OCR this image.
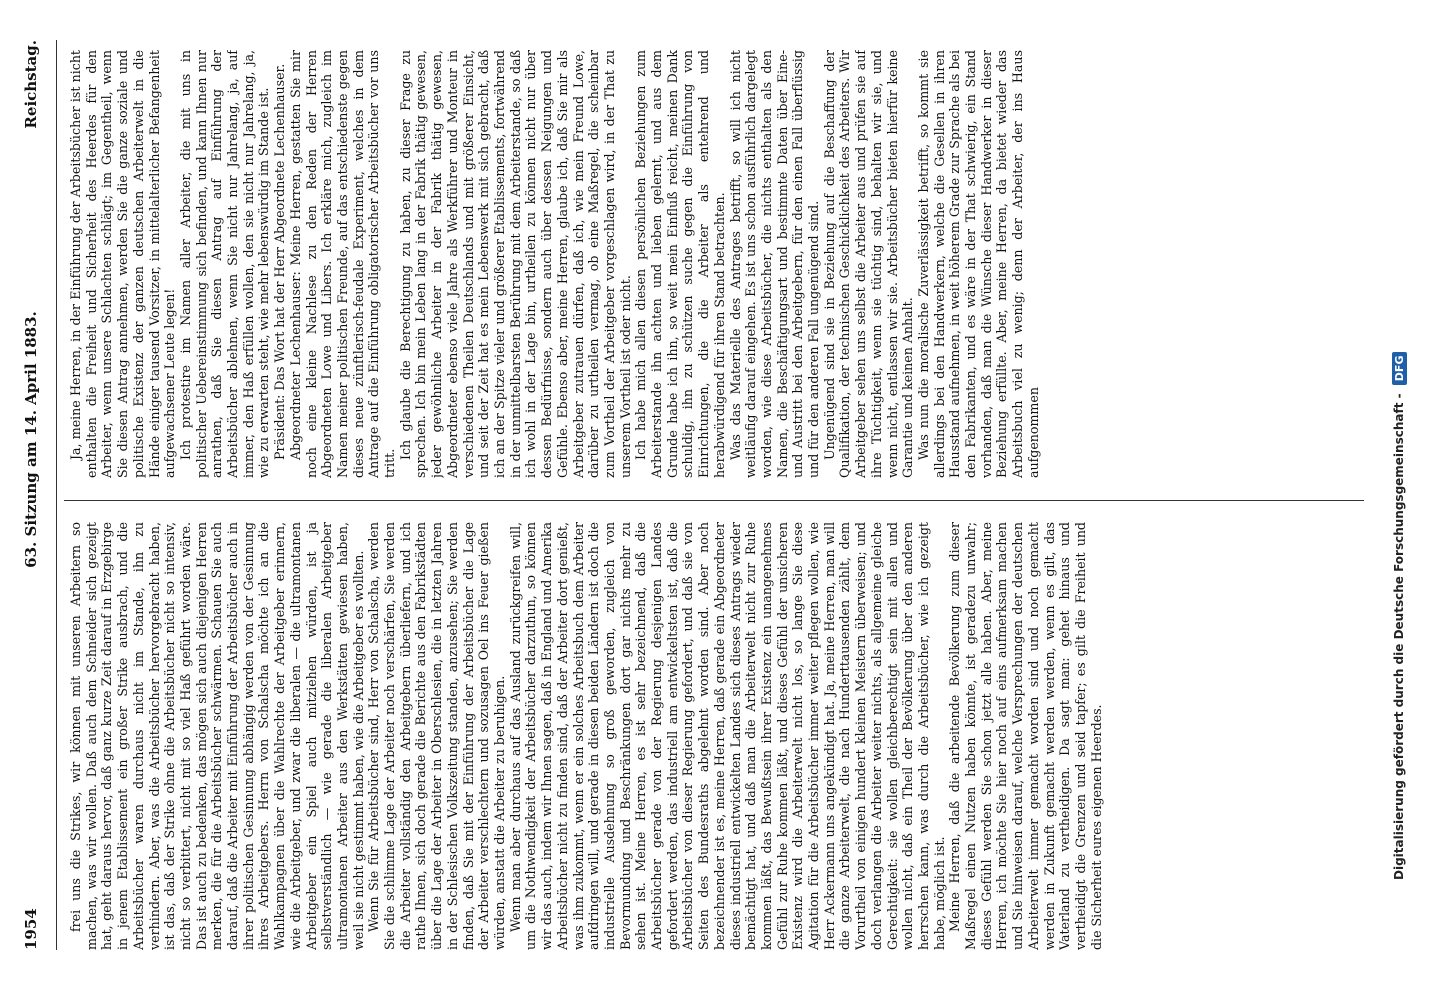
1954
63. Sitzung am 14. April 1883.
Reichstag.

frei uns die Strikes, wir können mit unseren Arbeitern so machen, was wir wollen. Daß auch dem Schneider sich gezeigt hat, geht daraus hervor, daß ganz kurze Zeit darauf in Erzgebirge in jenem Etablissement ein großer Strike ausbrach, und die Arbeitsbücher waren durchaus nicht im Stande, ihn zu verhindern. Aber, was die Arbeitsbücher hervorgebracht haben, ist das, daß der Strike ohne die Arbeitsbücher nicht so intensiv, nicht so verbittert, nicht mit so viel Haß geführt worden wäre. Das ist auch zu bedenken, das mögen sich auch diejenigen Herren merken, die für die Arbeitsbücher schwärmen. Schauen Sie auch darauf, daß die Arbeiter mit Einführung der Arbeitsbücher auch in ihrer politischen Gesinnung abhängig werden von der Gesinnung ihres Arbeitgebers. Herrn von Schalscha möchte ich an die Wahlkampagnen über die Wahlrechte der Arbeitgeber erinnern, wie die Arbeitgeber, und zwar die liberalen — die ultramontanen Arbeitgeber ein Spiel auch mitziehen würden, ist ja selbstverständlich — wie gerade die liberalen Arbeitgeber ultramontanen Arbeiter aus den Werkstätten gewiesen haben, weil sie nicht gestimmt haben, wie die Arbeitgeber es wollten. Wenn Sie für Arbeitsbücher sind, Herr von Schalscha, werden Sie die schlimme Lage der Arbeiter noch verschärfen, Sie werden die Arbeiter vollständig den Arbeitgebern überliefern, und ich rathe Ihnen, sich doch gerade die Berichte aus den Fabrikstädten über die Lage der Arbeiter in Oberschlesien, die in letzten Jahren in der Schlesischen Volkszeitung standen, anzusehen; Sie werden finden, daß Sie mit der Einführung der Arbeitsbücher die Lage der Arbeiter verschlechtern und sozusagen Oel ins Feuer gießen würden, anstatt die Arbeiter zu beruhigen. Wenn man aber durchaus auf das Ausland zurückgreifen will, um die Nothwendigkeit der Arbeitsbücher darzuthun, so können wir das auch, indem wir Ihnen sagen, daß in England und Amerika Arbeitsbücher nicht zu finden sind, daß der Arbeiter dort genießt, was ihm zukommt, wenn er ein solches Arbeitsbuch dem Arbeiter aufdringen will, und gerade in diesen beiden Ländern ist doch die industrielle Ausdehnung so groß geworden, zugleich von Bevormundung und Beschränkungen dort gar nichts mehr zu sehen ist. Meine Herren, es ist sehr bezeichnend, daß die Arbeitsbücher gerade von der Regierung desjenigen Landes gefordert werden, das industriell am entwickeltsten ist, daß die Arbeitsbücher von dieser Regierung gefordert, und daß sie von Seiten des Bundesraths abgelehnt worden sind. Aber noch bezeichnender ist es, meine Herren, daß gerade ein Abgeordneter dieses industriell entwickelten Landes sich dieses Antrags wieder bemächtigt hat, und daß man die Arbeiterwelt nicht zur Ruhe kommen läßt, das Bewußtsein ihrer Existenz ein unangenehmes Gefühl zur Ruhe kommen läßt, und dieses Gefühl der unsicheren Existenz wird die Arbeiterwelt nicht los, so lange Sie diese Agitation für die Arbeitsbücher immer weiter pflegen wollen, wie Herr Ackermann uns angekündigt hat. Ja, meine Herren, man will die ganze Arbeiterwelt, die nach Hunderttausenden zählt, dem Vorurtheil von einigen hundert kleinen Meistern überweisen; und doch verlangen die Arbeiter weiter nichts, als allgemeine gleiche Gerechtigkeit: sie wollen gleichberechtigt sein mit allen und wollen nicht, daß ein Theil der Bevölkerung über den anderen herrschen kann, was durch die Arbeitsbücher, wie ich gezeigt habe, möglich ist. Meine Herren, daß die arbeitende Bevölkerung zum dieser Maßregel einen Nutzen haben könnte, ist geradezu unwahr; dieses Gefühl werden Sie schon jetzt alle haben. Aber, meine Herren, ich möchte Sie hier noch auf eins aufmerksam machen und Sie hinweisen darauf, welche Versprechungen der deutschen Arbeiterwelt immer gemacht worden sind und noch gemacht werden in Zukunft gemacht werden werden, wenn es gilt, das Vaterland zu vertheidigen. Da sagt man: gehet hinaus und vertheidigt die Grenzen und seid tapfer; es gilt die Freiheit und die Sicherheit eures eigenen Heerdes.

Ja, meine Herren, in der Einführung der Arbeitsbücher ist nicht enthalten die Freiheit und Sicherheit des Heerdes für den Arbeiter, wenn unsere Schlachten schlägt; im Gegentheil, wenn Sie diesen Antrag annehmen, werden Sie die ganze soziale und politische Existenz der ganzen deutschen Arbeiterwelt in die Hände einiger tausend Vorsitzer, in mittelalterlicher Befangenheit aufgewachsener Leute legen! Ich protestire im Namen aller Arbeiter, die mit uns in politischer Uebereinstimmung sich befinden, und kann Ihnen nur anrathen, daß Sie diesen Antrag auf Einführung der Arbeitsbücher ablehnen, wenn Sie nicht nur Jahrelang, ja, auf immer, den Haß erfüllen wollen, den sie nicht nur Jahrelang, ja, wie zu erwarten steht, wie mehr lebenswürdig im Stande ist. Präsident: Das Wort hat der Herr Abgeordnete Lechenhauser. Abgeordneter Lechenhauser: Meine Herren, gestatten Sie mir noch eine kleine Nachlese zu den Reden der Herren Abgeordneten Lowe und Libers. Ich erkläre mich, zugleich im Namen meiner politischen Freunde, auf das entschiedenste gegen dieses neue zünftlerisch-feudale Experiment, welches in dem Antrage auf die Einführung obligatorischer Arbeitsbücher vor uns tritt.

Ich glaube die Berechtigung zu haben, zu dieser Frage zu sprechen. Ich bin mein Leben lang in der Fabrik thätig gewesen, jeder gewöhnliche Arbeiter in der Fabrik thätig gewesen, Abgeordneter ebenso viele Jahre als Werkführer und Monteur in verschiedenen Theilen Deutschlands und mit größerer Einsicht, und seit der Zeit hat es mein Lebenswerk mit sich gebracht, daß ich an der Spitze vieler und größerer Etablissements, fortwährend in der unmittelbarsten Berührung mit dem Arbeiterstande, so daß ich wohl in der Lage bin, urtheilen zu können nicht nur über dessen Bedürfnisse, sondern auch über dessen Neigungen und Gefühle. Ebenso aber, meine Herren, glaube ich, daß Sie mir als Arbeitgeber zutrauen dürfen, daß ich, wie mein Freund Lowe, darüber zu urtheilen vermag, ob eine Maßregel, die scheinbar zum Vortheil der Arbeitgeber vorgeschlagen wird, in der That zu unserem Vortheil ist oder nicht. Ich habe mich allen diesen persönlichen Beziehungen zum Arbeiterstande ihn achten und lieben gelernt, und aus dem Grunde habe ich ihn, so weit mein Einfluß reicht, meinen Dank schuldig, ihn zu schützen suche gegen die Einführung von Einrichtungen, die die Arbeiter als entehrend und herabwürdigend für ihren Stand betrachten. Was das Materielle des Antrages betrifft, so will ich nicht weitläufig darauf eingehen. Es ist uns schon ausführlich dargelegt worden, wie diese Arbeitsbücher, die nichts enthalten als den Namen, die Beschäftigungsart und bestimmte Daten über Eine- und Austritt bei den Arbeitgebern, für den einen Fall überflüssig und für den anderen Fall ungenügend sind. Ungenügend sind sie in Beziehung auf die Beschaffung der Qualifikation, der technischen Geschicklichkeit des Arbeiters. Wir Arbeitgeber sehen uns selbst die Arbeiter aus und prüfen sie auf ihre Tüchtigkeit, wenn sie tüchtig sind, behalten wir sie, und wenn nicht, entlassen wir sie. Arbeitsbücher bieten hierfür keine Garantie und keinen Anhalt. Was nun die moralische Zuverlässigkeit betrifft, so kommt sie allerdings bei den Handwerkern, welche die Gesellen in ihren Hausstand aufnehmen, in weit höherem Grade zur Sprache als bei den Fabrikanten, und es wäre in der That schwierig, ein Stand vorhanden, daß man die Wünsche dieser Handwerker in dieser Beziehung erfüllte. Aber, meine Herren, da bietet wieder das Arbeitsbuch viel zu wenig; denn der Arbeiter, der ins Haus aufgenommen	Digitalisierung gefördert durch die Deutsche Forschungsgemeinschaft - DFG
